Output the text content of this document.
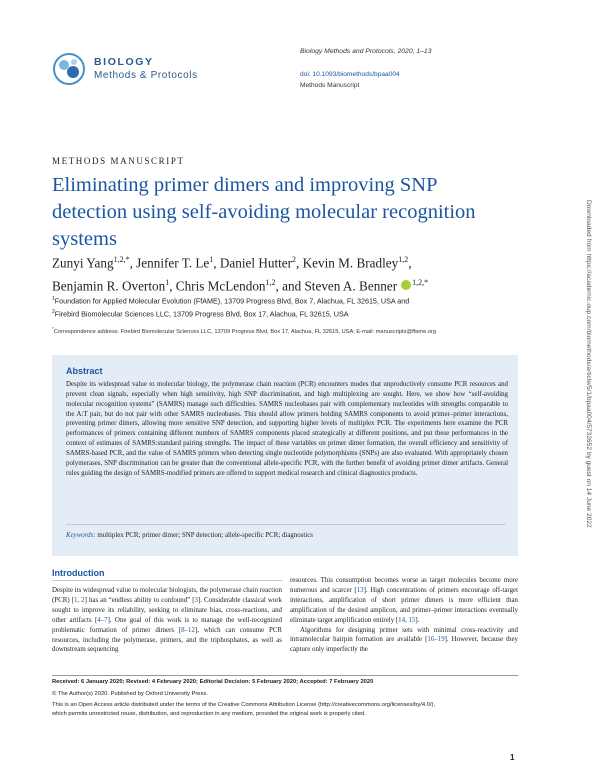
BIOLOGY
Methods & Protocols
Biology Methods and Protocols, 2020, 1–13
doi: 10.1093/biomethods/bpaa004
Methods Manuscript
METHODS MANUSCRIPT
Eliminating primer dimers and improving SNP detection using self-avoiding molecular recognition systems
Zunyi Yang$^{1,2,*}$, Jennifer T. Le$^1$, Daniel Hutter$^2$, Kevin M. Bradley$^{1,2}$,
Benjamin R. Overton$^1$, Chris McLendon$^{1,2}$, and Steven A. Benner $^{1,2,*}$
$^1$Foundation for Applied Molecular Evolution (FfAME), 13709 Progress Blvd, Box 7, Alachua, FL 32615, USA and
$^2$Firebird Biomolecular Sciences LLC, 13709 Progress Blvd, Box 17, Alachua, FL 32615, USA
*Correspondence address. Firebird Biomolecular Sciences LLC, 13709 Progress Blvd, Box 17, Alachua, FL 32615, USA; E-mail: manuscripts@ffame.org
Abstract
Despite its widespread value to molecular biology, the polymerase chain reaction (PCR) encounters modes that unproductively consume PCR resources and prevent clean signals, especially when high sensitivity, high SNP discrimination, and high multiplexing are sought. Here, we show how “self-avoiding molecular recognition systems” (SAMRS) manage such difficulties. SAMRS nucleobases pair with complementary nucleotides with strengths comparable to the A:T pair, but do not pair with other SAMRS nucleobases. This should allow primers holding SAMRS components to avoid primer–primer interactions, preventing primer dimers, allowing more sensitive SNP detection, and supporting higher levels of multiplex PCR. The experiments here examine the PCR performances of primers containing different numbers of SAMRS components placed strategically at different positions, and put these performances in the context of estimates of SAMRS:standard pairing strengths. The impact of these variables on primer dimer formation, the overall efficiency and sensitivity of SAMRS-based PCR, and the value of SAMRS primers when detecting single nucleotide polymorphisms (SNPs) are also evaluated. With appropriately chosen polymerases, SNP discrimination can be greater than the conventional allele-specific PCR, with the further benefit of avoiding primer dimer artifacts. General rules guiding the design of SAMRS-modified primers are offered to support medical research and clinical diagnostics products.
Keywords: multiplex PCR; primer dimer; SNP detection; allele-specific PCR; diagnostics
Introduction
Despite its widespread value to molecular biologists, the polymerase chain reaction (PCR) [1, 2] has an “endless ability to confound” [3]. Considerable classical work sought to improve its reliability, seeking to eliminate bias, cross-reactions, and other artifacts [4–7]. One goal of this work is to manage the well-recognized problematic formation of primer dimers [8–12], which can consume PCR resources, including the polymerase, primers, and the triphosphates, as well as downstream sequencing
resources. This consumption becomes worse as target molecules become more numerous and scarcer [13]. High concentrations of primers encourage off-target interactions, amplification of short primer dimers is more efficient than amplification of the desired amplicon, and primer–primer interactions eventually eliminate target amplification entirely [14, 15].
Algorithms for designing primer sets with minimal cross-reactivity and intramolecular hairpin formation are available [16–19]. However, because they capture only imperfectly the
Received: 6 January 2020; Revised: 4 February 2020; Editorial Decision: 5 February 2020; Accepted: 7 February 2020
© The Author(s) 2020. Published by Oxford University Press.
This is an Open Access article distributed under the terms of the Creative Commons Attribution License (http://creativecommons.org/licenses/by/4.0/),
which permits unrestricted reuse, distribution, and reproduction in any medium, provided the original work is properly cited.
1
Downloaded from https://academic.oup.com/biomethods/article/5/1/bpaa004/5732652 by guest on 14 June 2022
